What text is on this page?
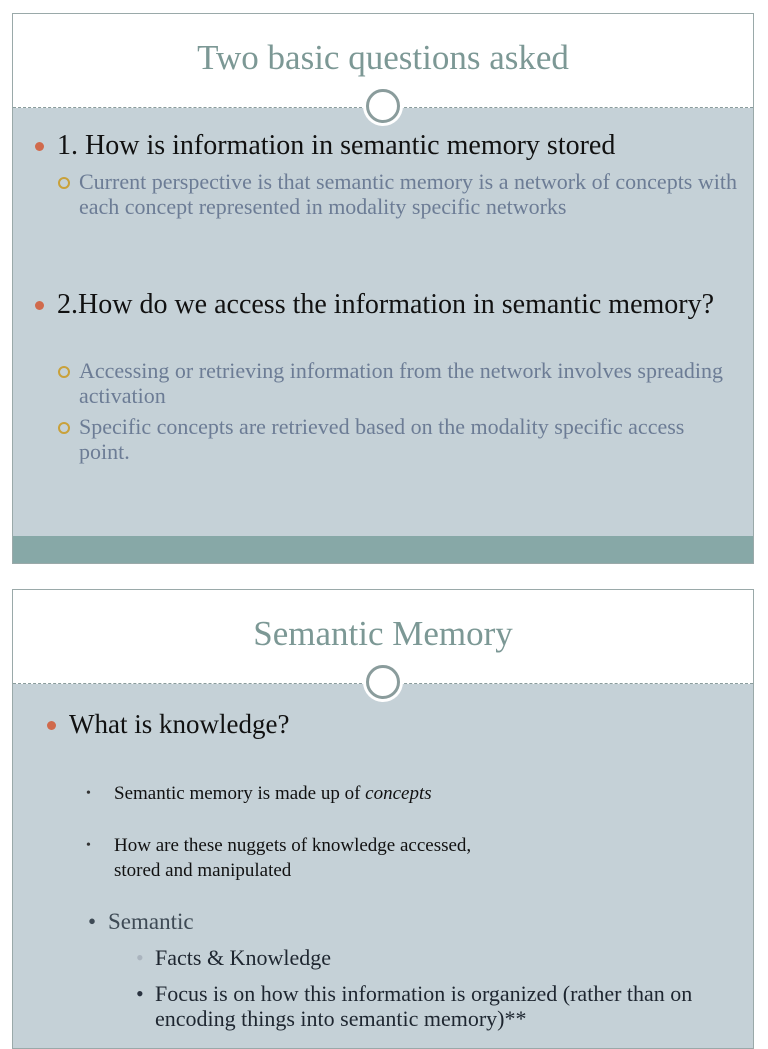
Two basic questions asked
1. How is information in semantic memory stored
Current perspective is that semantic memory is a network of concepts with each concept represented in modality specific networks
2.How do we access the information in semantic memory?
Accessing or retrieving information from the network involves spreading activation
Specific concepts are retrieved based on the modality specific access point.
Semantic Memory
What is knowledge?
• Semantic memory is made up of concepts
• How are these nuggets of knowledge accessed, stored and manipulated
• Semantic
• Facts & Knowledge
• Focus is on how this information is organized (rather than on encoding things into semantic memory)**
